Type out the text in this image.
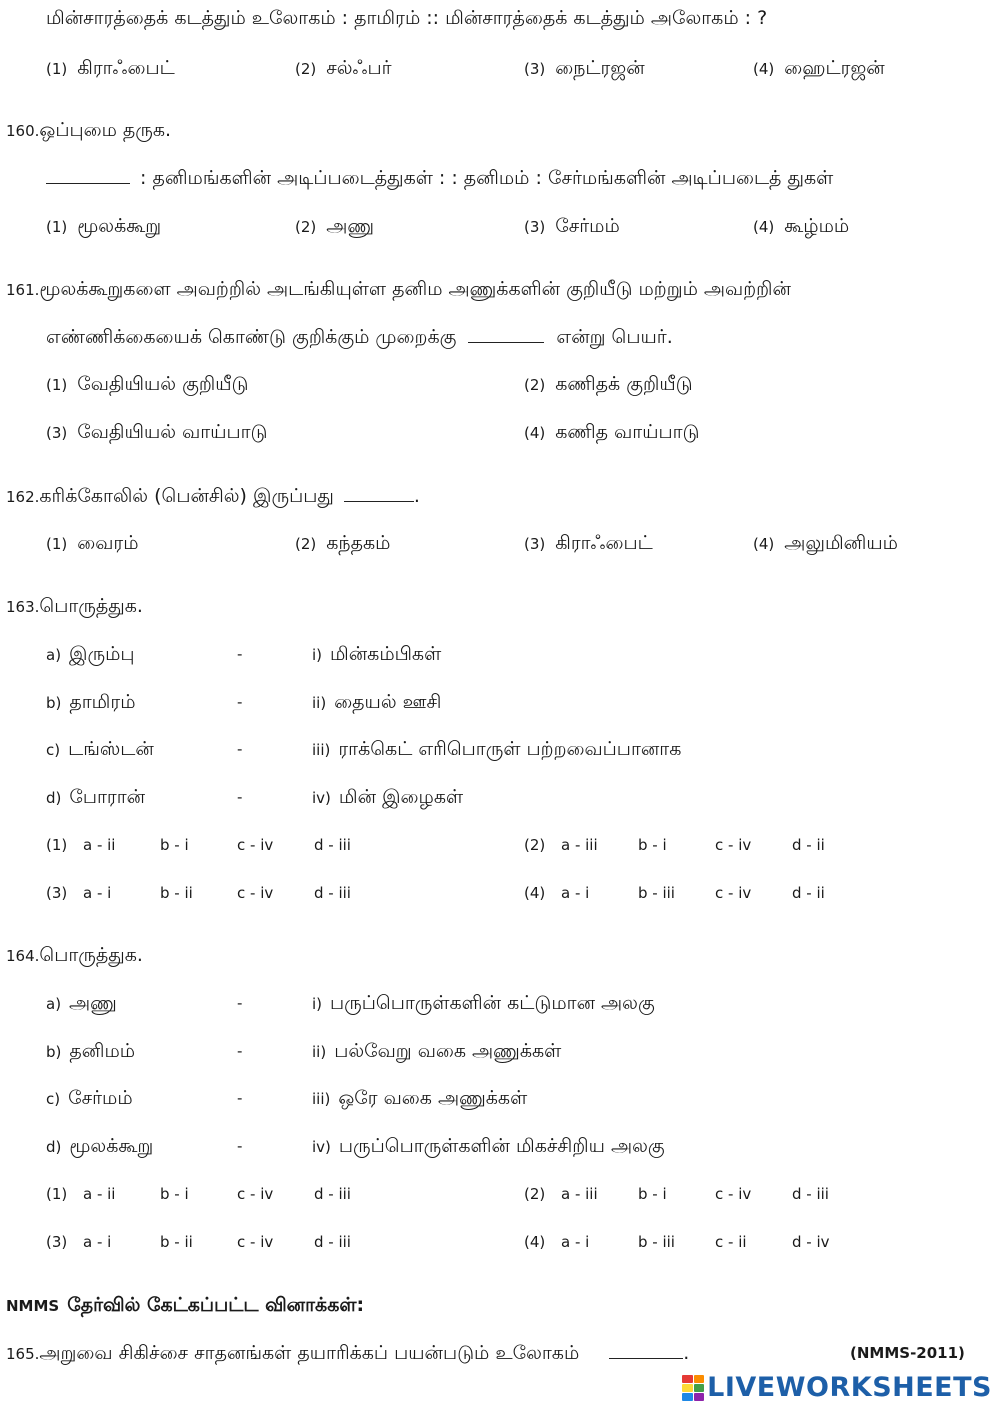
மின்சாரத்தைக் கடத்தும் உலோகம் : தாமிரம் :: மின்சாரத்தைக் கடத்தும் அலோகம் : ?
(1) கிராஃபைட்	(2) சல்ஃபர்	(3) நைட்ரஜன்	(4) ஹைட்ரஜன்
160.ஒப்புமை தருக.
: தனிமங்களின் அடிப்படைத்துகள் : : தனிமம் : சேர்மங்களின் அடிப்படைத் துகள்
(1) மூலக்கூறு	(2) அணு	(3) சேர்மம்	(4) கூழ்மம்
161.மூலக்கூறுகளை அவற்றில் அடங்கியுள்ள தனிம அணுக்களின் குறியீடு மற்றும் அவற்றின்
எண்ணிக்கையைக் கொண்டு குறிக்கும் முறைக்கு	என்று பெயர்.
(1) வேதியியல் குறியீடு	(2) கணிதக் குறியீடு
(3) வேதியியல் வாய்பாடு	(4) கணித வாய்பாடு
162.கரிக்கோலில் (பென்சில்) இருப்பது	.
(1) வைரம்	(2) கந்தகம்	(3) கிராஃபைட்	(4) அலுமினியம்
163.பொருத்துக.
a) இரும்பு	-	i) மின்கம்பிகள்
b) தாமிரம்	-	ii) தையல் ஊசி
c) டங்ஸ்டன்	-	iii) ராக்கெட் எரிபொருள் பற்றவைப்பானாக
d) போரான்	-	iv) மின் இழைகள்
(1) a - ii	b - i	c - iv	d - iii	(2) a - iii	b - i	c - iv	d - ii
(3) a - i	b - ii	c - iv	d - iii	(4) a - i	b - iii	c - iv	d - ii
164.பொருத்துக.
a) அணு	-	i) பருப்பொருள்களின் கட்டுமான அலகு
b) தனிமம்	-	ii) பல்வேறு வகை அணுக்கள்
c) சேர்மம்	-	iii) ஒரே வகை அணுக்கள்
d) மூலக்கூறு	-	iv) பருப்பொருள்களின் மிகச்சிறிய அலகு
(1) a - ii	b - i	c - iv	d - iii	(2) a - iii	b - i	c - iv	d - iii
(3) a - i	b - ii	c - iv	d - iii	(4) a - i	b - iii	c - ii	d - iv
NMMS தேர்வில் கேட்கப்பட்ட வினாக்கள்:
165.அறுவை சிகிச்சை சாதனங்கள் தயாரிக்கப் பயன்படும் உலோகம்	.	(NMMS-2011)
LIVEWORKSHEETS
